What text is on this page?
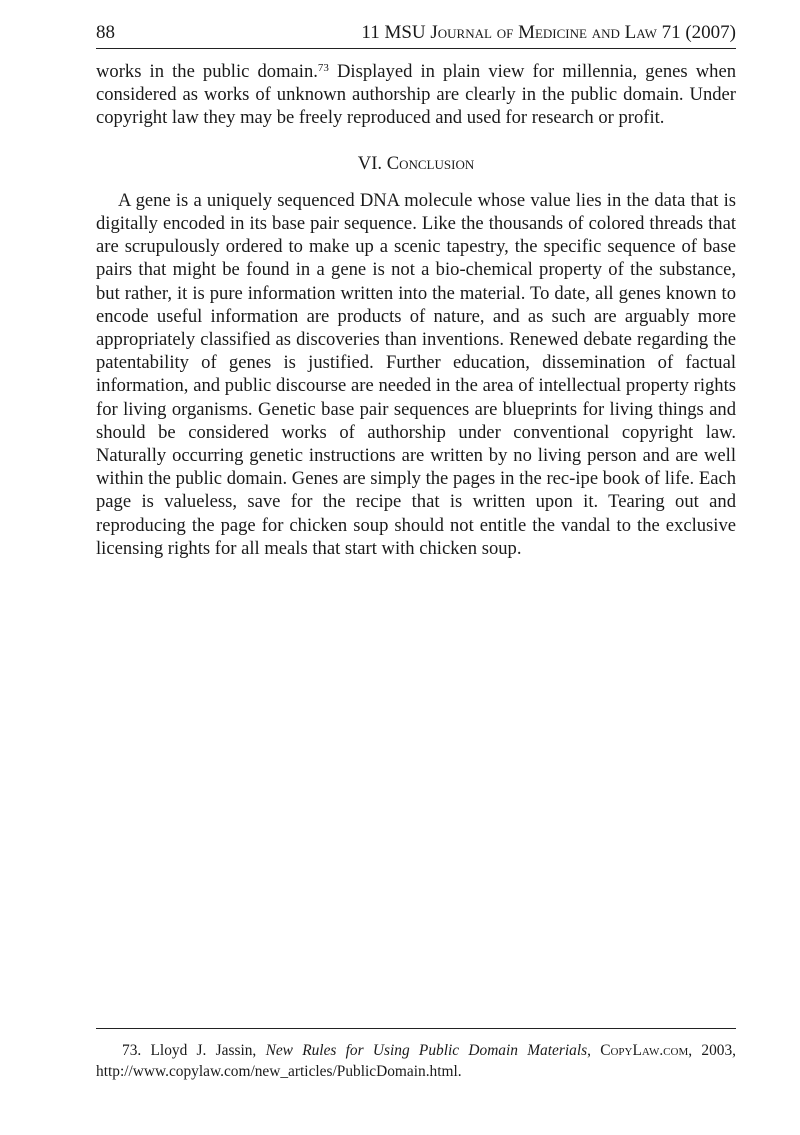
88	11 MSU Journal of Medicine and Law 71 (2007)

works in the public domain.$^{73}$ Displayed in plain view for millennia, genes when considered as works of unknown authorship are clearly in the public domain. Under copyright law they may be freely reproduced and used for research or profit.

VI. Conclusion

A gene is a uniquely sequenced DNA molecule whose value lies in the data that is digitally encoded in its base pair sequence. Like the thousands of colored threads that are scrupulously ordered to make up a scenic tapestry, the specific sequence of base pairs that might be found in a gene is not a bio-chemical property of the substance, but rather, it is pure information written into the material. To date, all genes known to encode useful information are products of nature, and as such are arguably more appropriately classified as discoveries than inventions. Renewed debate regarding the patentability of genes is justified. Further education, dissemination of factual information, and public discourse are needed in the area of intellectual property rights for living organisms. Genetic base pair sequences are blueprints for living things and should be considered works of authorship under conventional copyright law. Naturally occurring genetic instructions are written by no living person and are well within the public domain. Genes are simply the pages in the rec-ipe book of life. Each page is valueless, save for the recipe that is written upon it. Tearing out and reproducing the page for chicken soup should not entitle the vandal to the exclusive licensing rights for all meals that start with chicken soup.

73. Lloyd J. Jassin, New Rules for Using Public Domain Materials, CopyLaw.com, 2003, http://www.copylaw.com/new_articles/PublicDomain.html.
